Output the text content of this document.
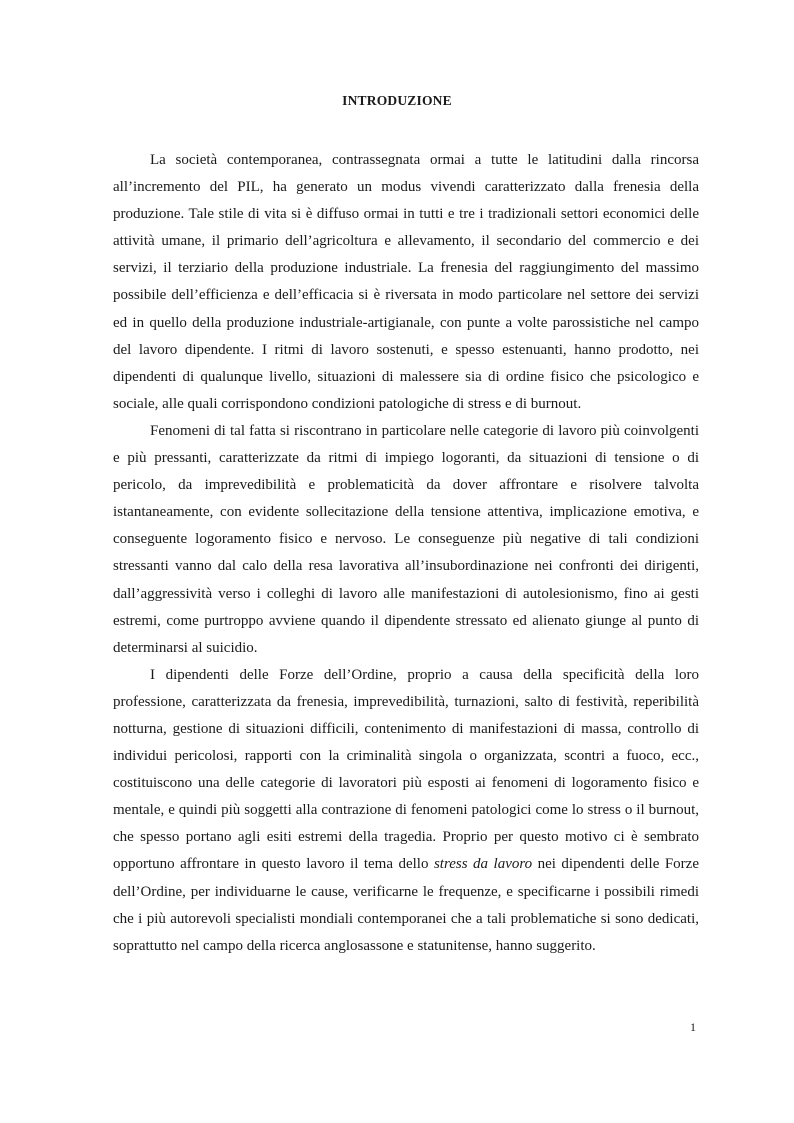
INTRODUZIONE

La società contemporanea, contrassegnata ormai a tutte le latitudini dalla rincorsa all’incremento del PIL, ha generato un modus vivendi caratterizzato dalla frenesia della produzione. Tale stile di vita si è diffuso ormai in tutti e tre i tradizionali settori economici delle attività umane, il primario dell’agricoltura e allevamento, il secondario del commercio e dei servizi, il terziario della produzione industriale. La frenesia del raggiungimento del massimo possibile dell’efficienza e dell’efficacia si è riversata in modo particolare nel settore dei servizi ed in quello della produzione industriale-artigianale, con punte a volte parossistiche nel campo del lavoro dipendente. I ritmi di lavoro sostenuti, e spesso estenuanti, hanno prodotto, nei dipendenti di qualunque livello, situazioni di malessere sia di ordine fisico che psicologico e sociale, alle quali corrispondono condizioni patologiche di stress e di burnout.

Fenomeni di tal fatta si riscontrano in particolare nelle categorie di lavoro più coinvolgenti e più pressanti, caratterizzate da ritmi di impiego logoranti, da situazioni di tensione o di pericolo, da imprevedibilità e problematicità da dover affrontare e risolvere talvolta istantaneamente, con evidente sollecitazione della tensione attentiva, implicazione emotiva, e conseguente logoramento fisico e nervoso. Le conseguenze più negative di tali condizioni stressanti vanno dal calo della resa lavorativa all’insubordinazione nei confronti dei dirigenti, dall’aggressività verso i colleghi di lavoro alle manifestazioni di autolesionismo, fino ai gesti estremi, come purtroppo avviene quando il dipendente stressato ed alienato giunge al punto di determinarsi al suicidio.

I dipendenti delle Forze dell’Ordine, proprio a causa della specificità della loro professione, caratterizzata da frenesia, imprevedibilità, turnazioni, salto di festività, reperibilità notturna, gestione di situazioni difficili, contenimento di manifestazioni di massa, controllo di individui pericolosi, rapporti con la criminalità singola o organizzata, scontri a fuoco, ecc., costituiscono una delle categorie di lavoratori più esposti ai fenomeni di logoramento fisico e mentale, e quindi più soggetti alla contrazione di fenomeni patologici come lo stress o il burnout, che spesso portano agli esiti estremi della tragedia. Proprio per questo motivo ci è sembrato opportuno affrontare in questo lavoro il tema dello stress da lavoro nei dipendenti delle Forze dell’Ordine, per individuarne le cause, verificarne le frequenze, e specificarne i possibili rimedi che i più autorevoli specialisti mondiali contemporanei che a tali problematiche si sono dedicati, soprattutto nel campo della ricerca anglosassone e statunitense, hanno suggerito.

1
